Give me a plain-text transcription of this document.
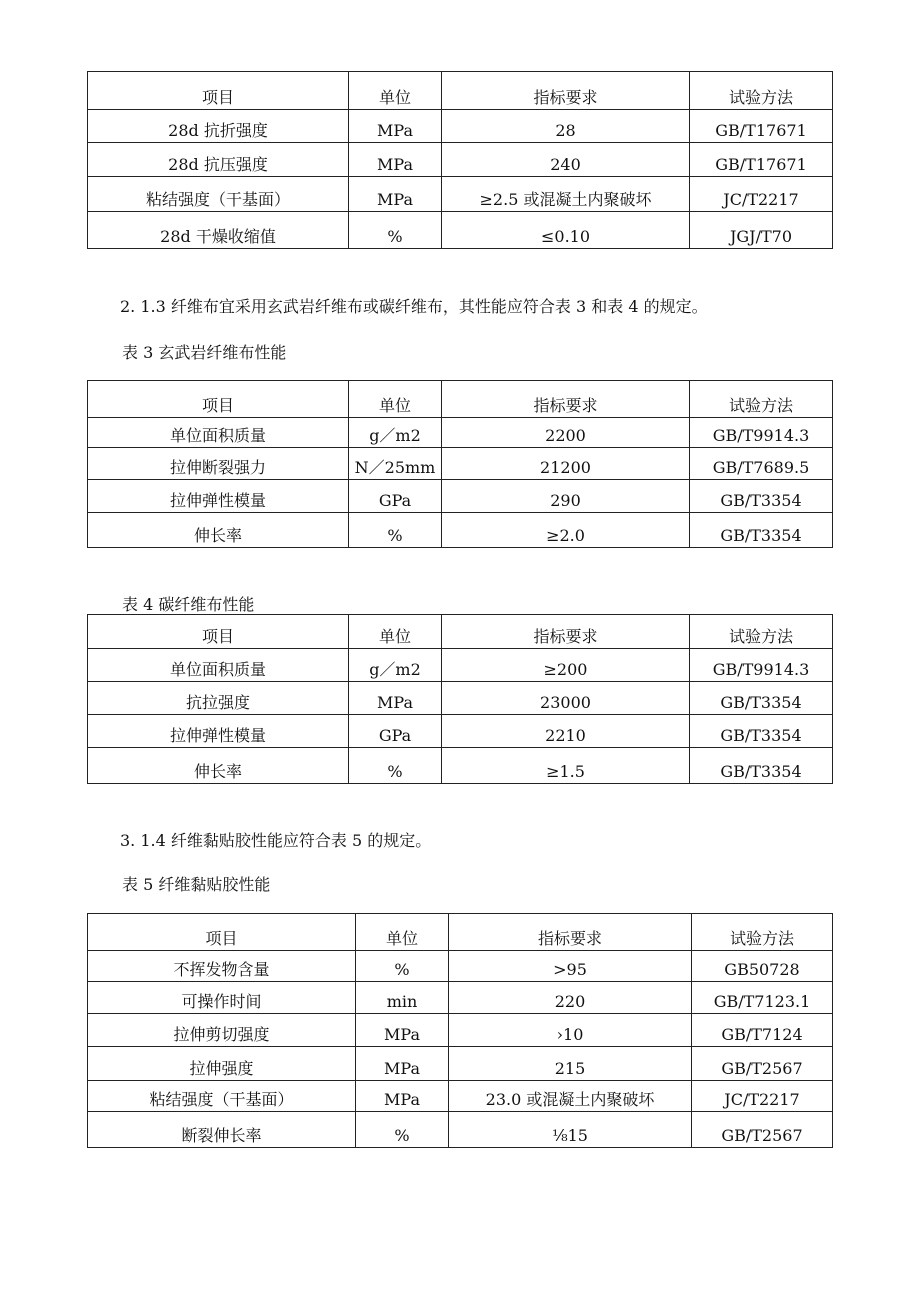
项目	单位	指标要求	试验方法
28d 抗折强度	MPa	28	GB/T17671
28d 抗压强度	MPa	240	GB/T17671
粘结强度（干基面）	MPa	≥2.5 或混凝土内聚破坏	JC/T2217
28d 干燥收缩值	%	≤0.10	JGJ/T70
2. 1.3 纤维布宜采用玄武岩纤维布或碳纤维布，其性能应符合表 3 和表 4 的规定。
表 3 玄武岩纤维布性能
项目	单位	指标要求	试验方法
单位面积质量	g／m2	2200	GB/T9914.3
拉伸断裂强力	N／25mm	21200	GB/T7689.5
拉伸弹性模量	GPa	290	GB/T3354
伸长率	%	≥2.0	GB/T3354
表 4 碳纤维布性能
项目	单位	指标要求	试验方法
单位面积质量	g／m2	≥200	GB/T9914.3
抗拉强度	MPa	23000	GB/T3354
拉伸弹性模量	GPa	2210	GB/T3354
伸长率	%	≥1.5	GB/T3354
3. 1.4 纤维黏贴胶性能应符合表 5 的规定。
表 5 纤维黏贴胶性能
项目	单位	指标要求	试验方法
不挥发物含量	%	>95	GB50728
可操作时间	min	220	GB/T7123.1
拉伸剪切强度	MPa	›10	GB/T7124
拉伸强度	MPa	215	GB/T2567
粘结强度（干基面）	MPa	23.0 或混凝土内聚破坏	JC/T2217
断裂伸长率	%	⅛15	GB/T2567
